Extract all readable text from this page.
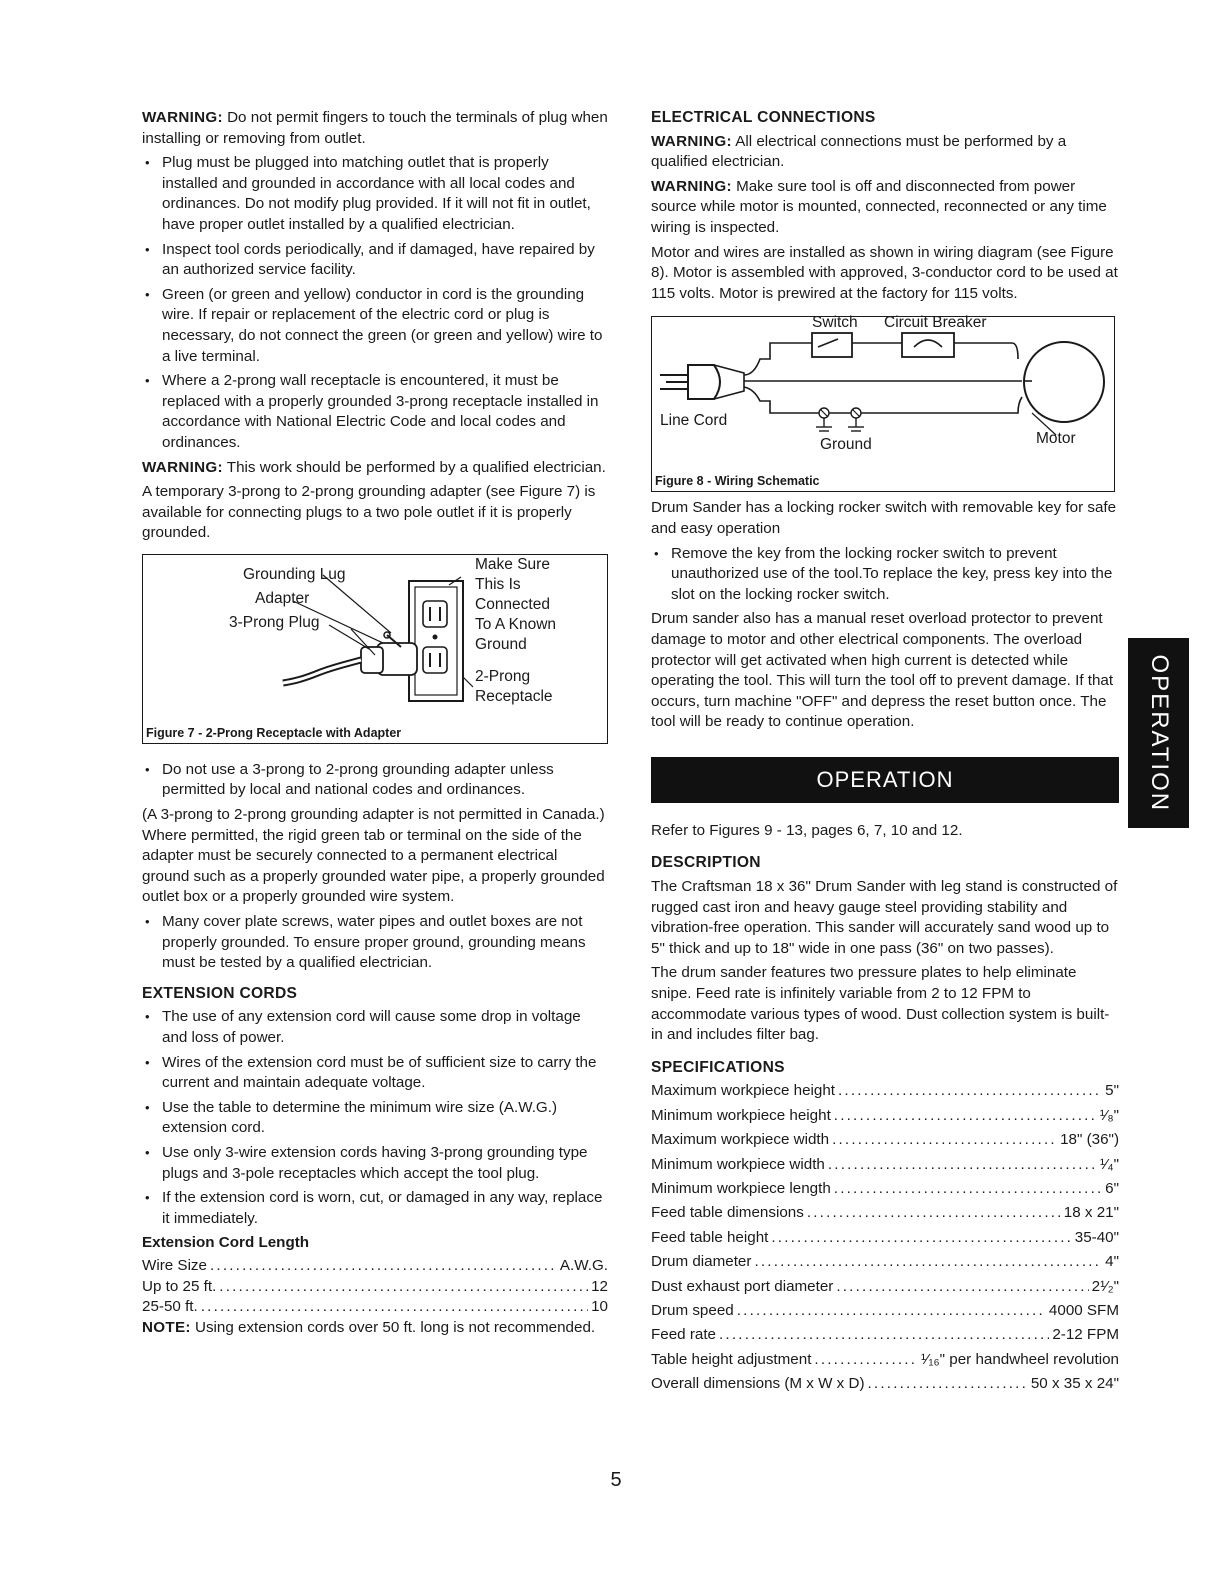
WARNING: Do not permit fingers to touch the terminals of plug when installing or removing from outlet.

• Plug must be plugged into matching outlet that is properly installed and grounded in accordance with all local codes and ordinances. Do not modify plug provided. If it will not fit in outlet, have proper outlet installed by a qualified electrician.
• Inspect tool cords periodically, and if damaged, have repaired by an authorized service facility.
• Green (or green and yellow) conductor in cord is the grounding wire. If repair or replacement of the electric cord or plug is necessary, do not connect the green (or green and yellow) wire to a live terminal.
• Where a 2-prong wall receptacle is encountered, it must be replaced with a properly grounded 3-prong receptacle installed in accordance with National Electric Code and local codes and ordinances.

WARNING: This work should be performed by a qualified electrician.

A temporary 3-prong to 2-prong grounding adapter (see Figure 7) is available for connecting plugs to a two pole outlet if it is properly grounded.

Grounding Lug
Adapter
3-Prong Plug
Make Sure
This Is
Connected
To A Known
Ground
2-Prong
Receptacle
Figure 7 - 2-Prong Receptacle with Adapter
• Do not use a 3-prong to 2-prong grounding adapter unless permitted by local and national codes and ordinances.

(A 3-prong to 2-prong grounding adapter is not permitted in Canada.) Where permitted, the rigid green tab or terminal on the side of the adapter must be securely connected to a permanent electrical ground such as a properly grounded water pipe, a properly grounded outlet box or a properly grounded wire system.

• Many cover plate screws, water pipes and outlet boxes are not properly grounded. To ensure proper ground, grounding means must be tested by a qualified electrician.
EXTENSION CORDS
• The use of any extension cord will cause some drop in voltage and loss of power.
• Wires of the extension cord must be of sufficient size to carry the current and maintain adequate voltage.
• Use the table to determine the minimum wire size (A.W.G.) extension cord.
• Use only 3-wire extension cords having 3-prong grounding type plugs and 3-pole receptacles which accept the tool plug.
• If the extension cord is worn, cut, or damaged in any way, replace it immediately.
Extension Cord Length
Wire Size .....	A.W.G.
Up to 25 ft. .....	12
25-50 ft. .....	10

NOTE: Using extension cords over 50 ft. long is not recommended.

ELECTRICAL CONNECTIONS

WARNING: All electrical connections must be performed by a qualified electrician.

WARNING: Make sure tool is off and disconnected from power source while motor is mounted, connected, reconnected or any time wiring is inspected.

Motor and wires are installed as shown in wiring diagram (see Figure 8). Motor is assembled with approved, 3-conductor cord to be used at 115 volts. Motor is prewired at the factory for 115 volts.

Switch Circuit Breaker
Line Cord
Ground	Motor
Figure 8 - Wiring Schematic

Drum Sander has a locking rocker switch with removable key for safe and easy operation

• Remove the key from the locking rocker switch to prevent unauthorized use of the tool.To replace the key, press key into the slot on the locking rocker switch.

Drum sander also has a manual reset overload protector to prevent damage to motor and other electrical components. The overload protector will get activated when high current is detected while operating the tool. This will turn the tool off to prevent damage. If that occurs, turn machine "OFF" and depress the reset button once. The tool will be ready to continue operation.

OPERATION

Refer to Figures 9 - 13, pages 6, 7, 10 and 12.

DESCRIPTION

The Craftsman 18 x 36" Drum Sander with leg stand is constructed of rugged cast iron and heavy gauge steel providing stability and vibration-free operation. This sander will accurately sand wood up to 5" thick and up to 18" wide in one pass (36" on two passes).

The drum sander features two pressure plates to help eliminate snipe. Feed rate is infinitely variable from 2 to 12 FPM to accommodate various types of wood. Dust collection system is built-in and includes filter bag.

SPECIFICATIONS
Maximum workpiece height .....	5"
Minimum workpiece height .....	¹⁄₈"
Maximum workpiece width .....	18" (36")
Minimum workpiece width .....	¹⁄₄"
Minimum workpiece length .....	6"
Feed table dimensions .....	18 x 21"
Feed table height .....	35-40"
Drum diameter .....	4"
Dust exhaust port diameter .....	2¹⁄₂"
Drum speed .....	4000 SFM
Feed rate .....	2-12 FPM
Table height adjustment .....	¹⁄₁₆" per handwheel revolution
Overall dimensions (M x W x D) .....	50 x 35 x 24"
OPERATION
5
